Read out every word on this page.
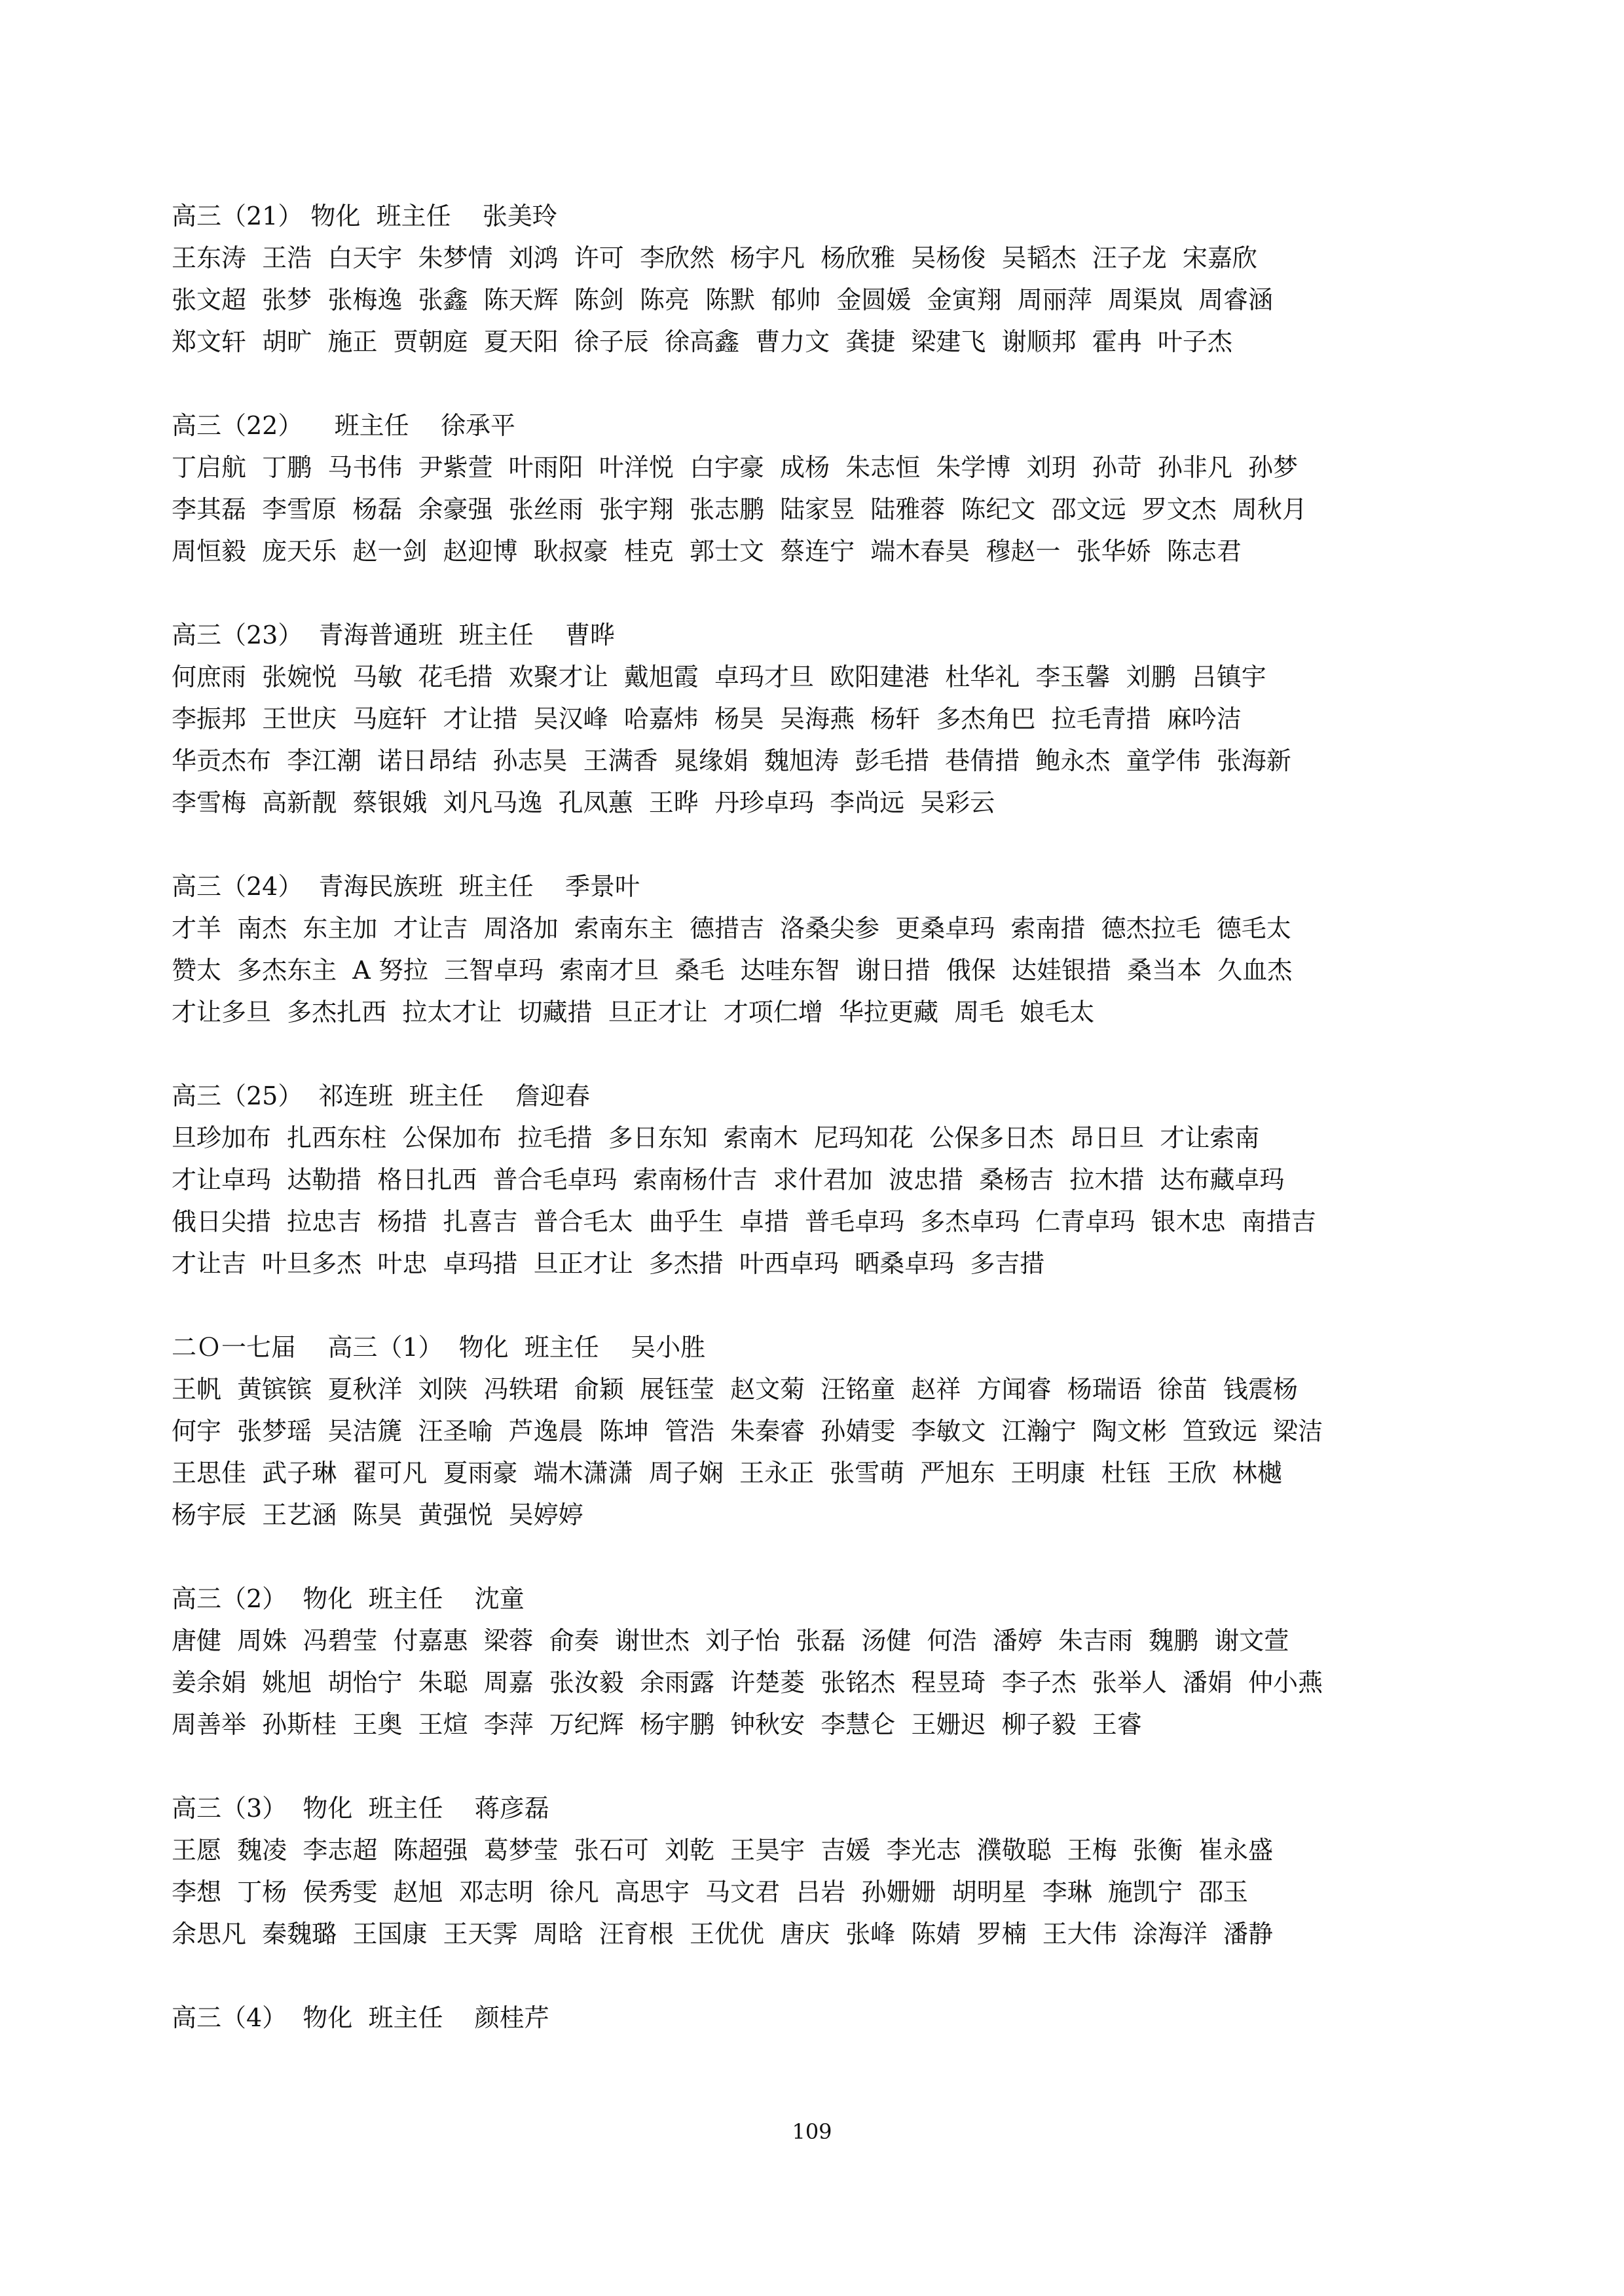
高三（21） 物化  班主任    张美玲
王东涛  王浩  白天宇  朱梦情  刘鸿  许可  李欣然  杨宇凡  杨欣雅  吴杨俊  吴韬杰  汪子龙  宋嘉欣
张文超  张梦  张梅逸  张鑫  陈天辉  陈剑  陈亮  陈默  郁帅  金圆媛  金寅翔  周丽萍  周渠岚  周睿涵
郑文轩  胡旷  施正  贾朝庭  夏天阳  徐子辰  徐高鑫  曹力文  龚捷  梁建飞  谢顺邦  霍冉  叶子杰
高三（22）    班主任    徐承平
丁启航  丁鹏  马书伟  尹紫萱  叶雨阳  叶洋悦  白宇豪  成杨  朱志恒  朱学博  刘玥  孙苛  孙非凡  孙梦
李其磊  李雪原  杨磊  余豪强  张丝雨  张宇翔  张志鹏  陆家昱  陆雅蓉  陈纪文  邵文远  罗文杰  周秋月
周恒毅  庞天乐  赵一剑  赵迎博  耿叔豪  桂克  郭士文  蔡连宁  端木春昊  穆赵一  张华娇  陈志君
高三（23）  青海普通班  班主任    曹晔
何庶雨  张婉悦  马敏  花毛措  欢聚才让  戴旭霞  卓玛才旦  欧阳建港  杜华礼  李玉馨  刘鹏  吕镇宇
李振邦  王世庆  马庭轩  才让措  吴汉峰  哈嘉炜  杨昊  吴海燕  杨轩  多杰角巴  拉毛青措  麻吟洁
华贡杰布  李江潮  诺日昂结  孙志昊  王满香  晁缘娟  魏旭涛  彭毛措  巷倩措  鲍永杰  童学伟  张海新
李雪梅  高新靓  蔡银娥  刘凡马逸  孔凤蕙  王晔  丹珍卓玛  李尚远  吴彩云
高三（24）  青海民族班  班主任    季景叶
才羊  南杰  东主加  才让吉  周洛加  索南东主  德措吉  洛桑尖参  更桑卓玛  索南措  德杰拉毛  德毛太
赞太  多杰东主  A 努拉  三智卓玛  索南才旦  桑毛  达哇东智  谢日措  俄保  达娃银措  桑当本  久血杰
才让多旦  多杰扎西  拉太才让  切藏措  旦正才让  才项仁增  华拉更藏  周毛  娘毛太
高三（25）  祁连班  班主任    詹迎春
旦珍加布  扎西东柱  公保加布  拉毛措  多日东知  索南木  尼玛知花  公保多日杰  昂日旦  才让索南
才让卓玛  达勒措  格日扎西  普合毛卓玛  索南杨什吉  求什君加  波忠措  桑杨吉  拉木措  达布藏卓玛
俄日尖措  拉忠吉  杨措  扎喜吉  普合毛太  曲乎生  卓措  普毛卓玛  多杰卓玛  仁青卓玛  银木忠  南措吉
才让吉  叶旦多杰  叶忠  卓玛措  旦正才让  多杰措  叶西卓玛  晒桑卓玛  多吉措
二Ｏ一七届    高三（1）  物化  班主任    吴小胜
王帆  黄镔镔  夏秋洋  刘陕  冯轶珺  俞颖  展钰莹  赵文菊  汪铭童  赵祥  方闻睿  杨瑞语  徐苗  钱震杨
何宇  张梦瑶  吴洁篪  汪圣喻  芦逸晨  陈坤  管浩  朱秦睿  孙婧雯  李敏文  江瀚宁  陶文彬  笪致远  梁洁
王思佳  武子琳  翟可凡  夏雨豪  端木潇潇  周子娴  王永正  张雪萌  严旭东  王明康  杜钰  王欣  林樾
杨宇辰  王艺涵  陈昊  黄强悦  吴婷婷
高三（2）  物化  班主任    沈童
唐健  周姝  冯碧莹  付嘉惠  梁蓉  俞奏  谢世杰  刘子怡  张磊  汤健  何浩  潘婷  朱吉雨  魏鹏  谢文萱
姜余娟  姚旭  胡怡宁  朱聪  周嘉  张汝毅  余雨露  许楚菱  张铭杰  程昱琦  李子杰  张举人  潘娟  仲小燕
周善举  孙斯桂  王奥  王煊  李萍  万纪辉  杨宇鹏  钟秋安  李慧仑  王姗迟  柳子毅  王睿
高三（3）  物化  班主任    蒋彦磊
王愿  魏凌  李志超  陈超强  葛梦莹  张石可  刘乾  王昊宇  吉媛  李光志  濮敬聪  王梅  张衡  崔永盛
李想  丁杨  侯秀雯  赵旭  邓志明  徐凡  高思宇  马文君  吕岩  孙姗姗  胡明星  李琳  施凯宁  邵玉
余思凡  秦魏璐  王国康  王天霁  周晗  汪育根  王优优  唐庆  张峰  陈婧  罗楠  王大伟  涂海洋  潘静
高三（4）  物化  班主任    颜桂芹
109
